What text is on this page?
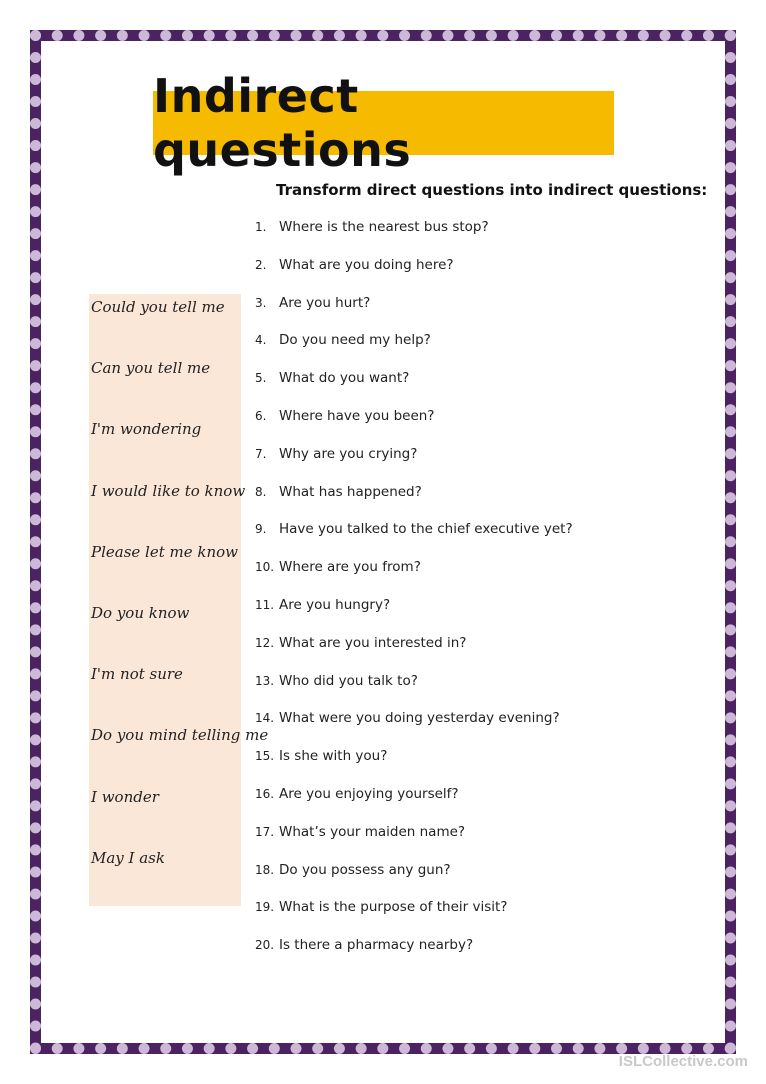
Indirect questions
Transform direct questions into indirect questions:
Could you tell me
Can you tell me
I'm wondering
I would like to know
Please let me know
Do you know
I'm not sure
Do you mind telling me
I wonder
May I ask
1. Where is the nearest bus stop?
2. What are you doing here?
3. Are you hurt?
4. Do you need my help?
5. What do you want?
6. Where have you been?
7. Why are you crying?
8. What has happened?
9. Have you talked to the chief executive yet?
10. Where are you from?
11. Are you hungry?
12. What are you interested in?
13. Who did you talk to?
14. What were you doing yesterday evening?
15. Is she with you?
16. Are you enjoying yourself?
17. What’s your maiden name?
18. Do you possess any gun?
19. What is the purpose of their visit?
20. Is there a pharmacy nearby?
ISLCollective.com
